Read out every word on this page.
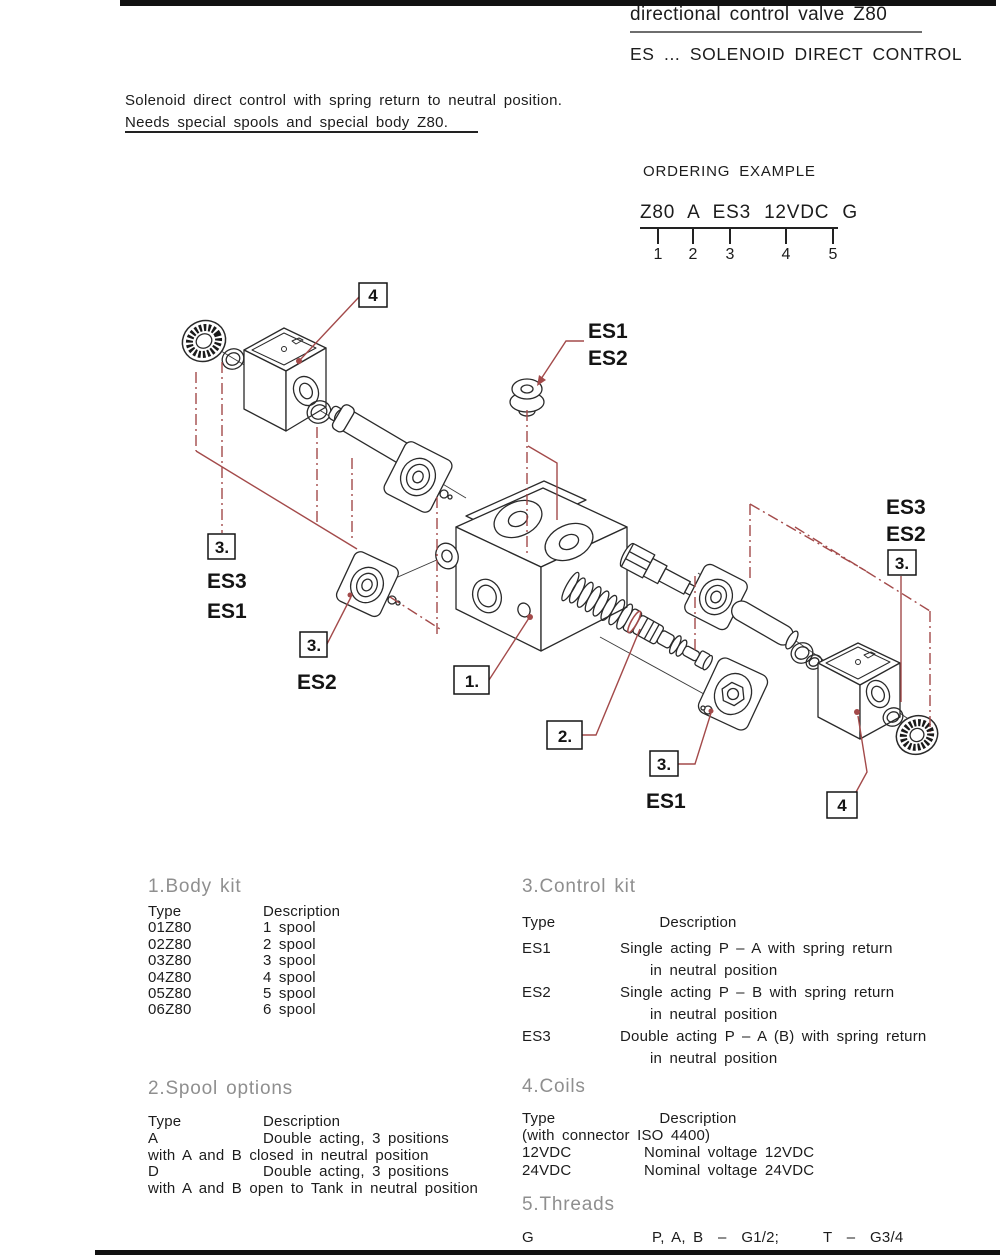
directional control valve Z80
ES ... SOLENOID DIRECT CONTROL
Solenoid direct control with spring return to neutral position.
Needs special spools and special body Z80.
ORDERING EXAMPLE
Z80 A ES3 12VDC G
1 2 3	4 5
4
3.
3.
1.
2.
3.
3.
4
ES3
ES1
ES2
ES1
ES2
ES1
ES3
ES2
1.Body kit
Type	Description
01Z80	1 spool
02Z80	2 spool
03Z80	3 spool
04Z80	4 spool
05Z80	5 spool
06Z80	6 spool
3.Control kit
Type	Description
ES1	Single acting P – A with spring return
in neutral position
ES2	Single acting P – B with spring return
in neutral position
ES3	Double acting P – A (B) with spring return
in neutral position
2.Spool options
Type	Description
A	Double acting, 3 positions
with A and B closed in neutral position
D	Double acting, 3 positions
with A and B open to Tank in neutral position
4.Coils
Type	Description
(with connector ISO 4400)
12VDC	Nominal voltage 12VDC
24VDC	Nominal voltage 24VDC
5.Threads
G	P, A, B  –  G1/2;      T  –  G3/4
